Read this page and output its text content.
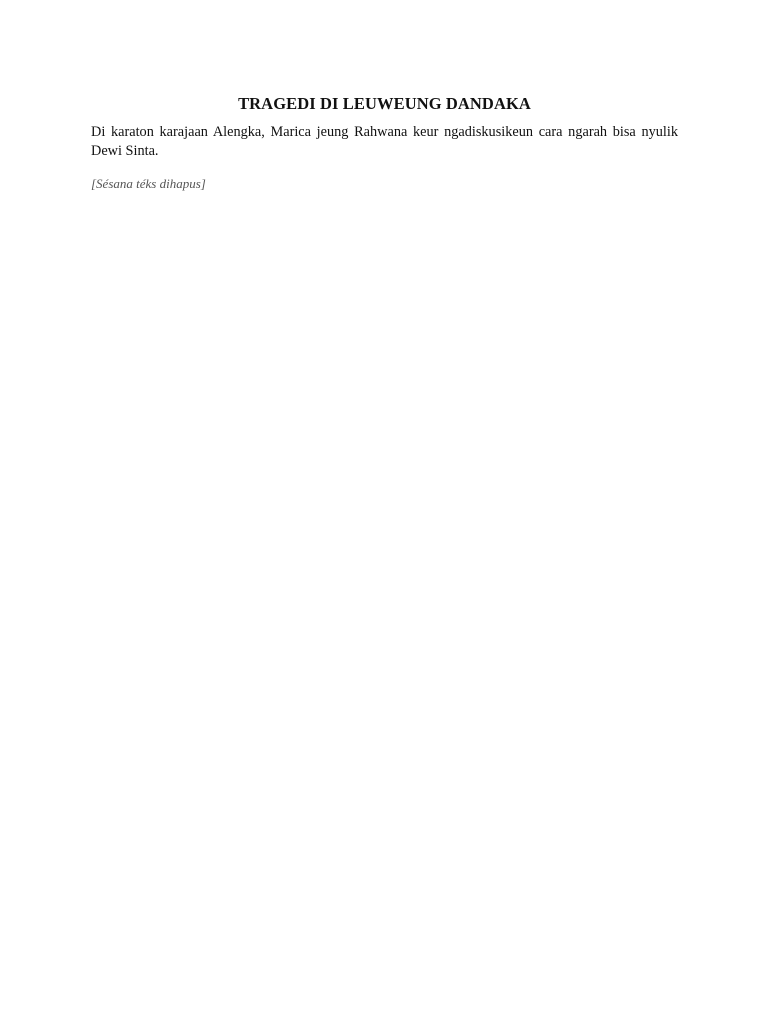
TRAGEDI DI LEUWEUNG DANDAKA

Di karaton karajaan Alengka, Marica jeung Rahwana keur ngadiskusikeun cara ngarah bisa nyulik Dewi Sinta.

[Sésana téks dihapus]
